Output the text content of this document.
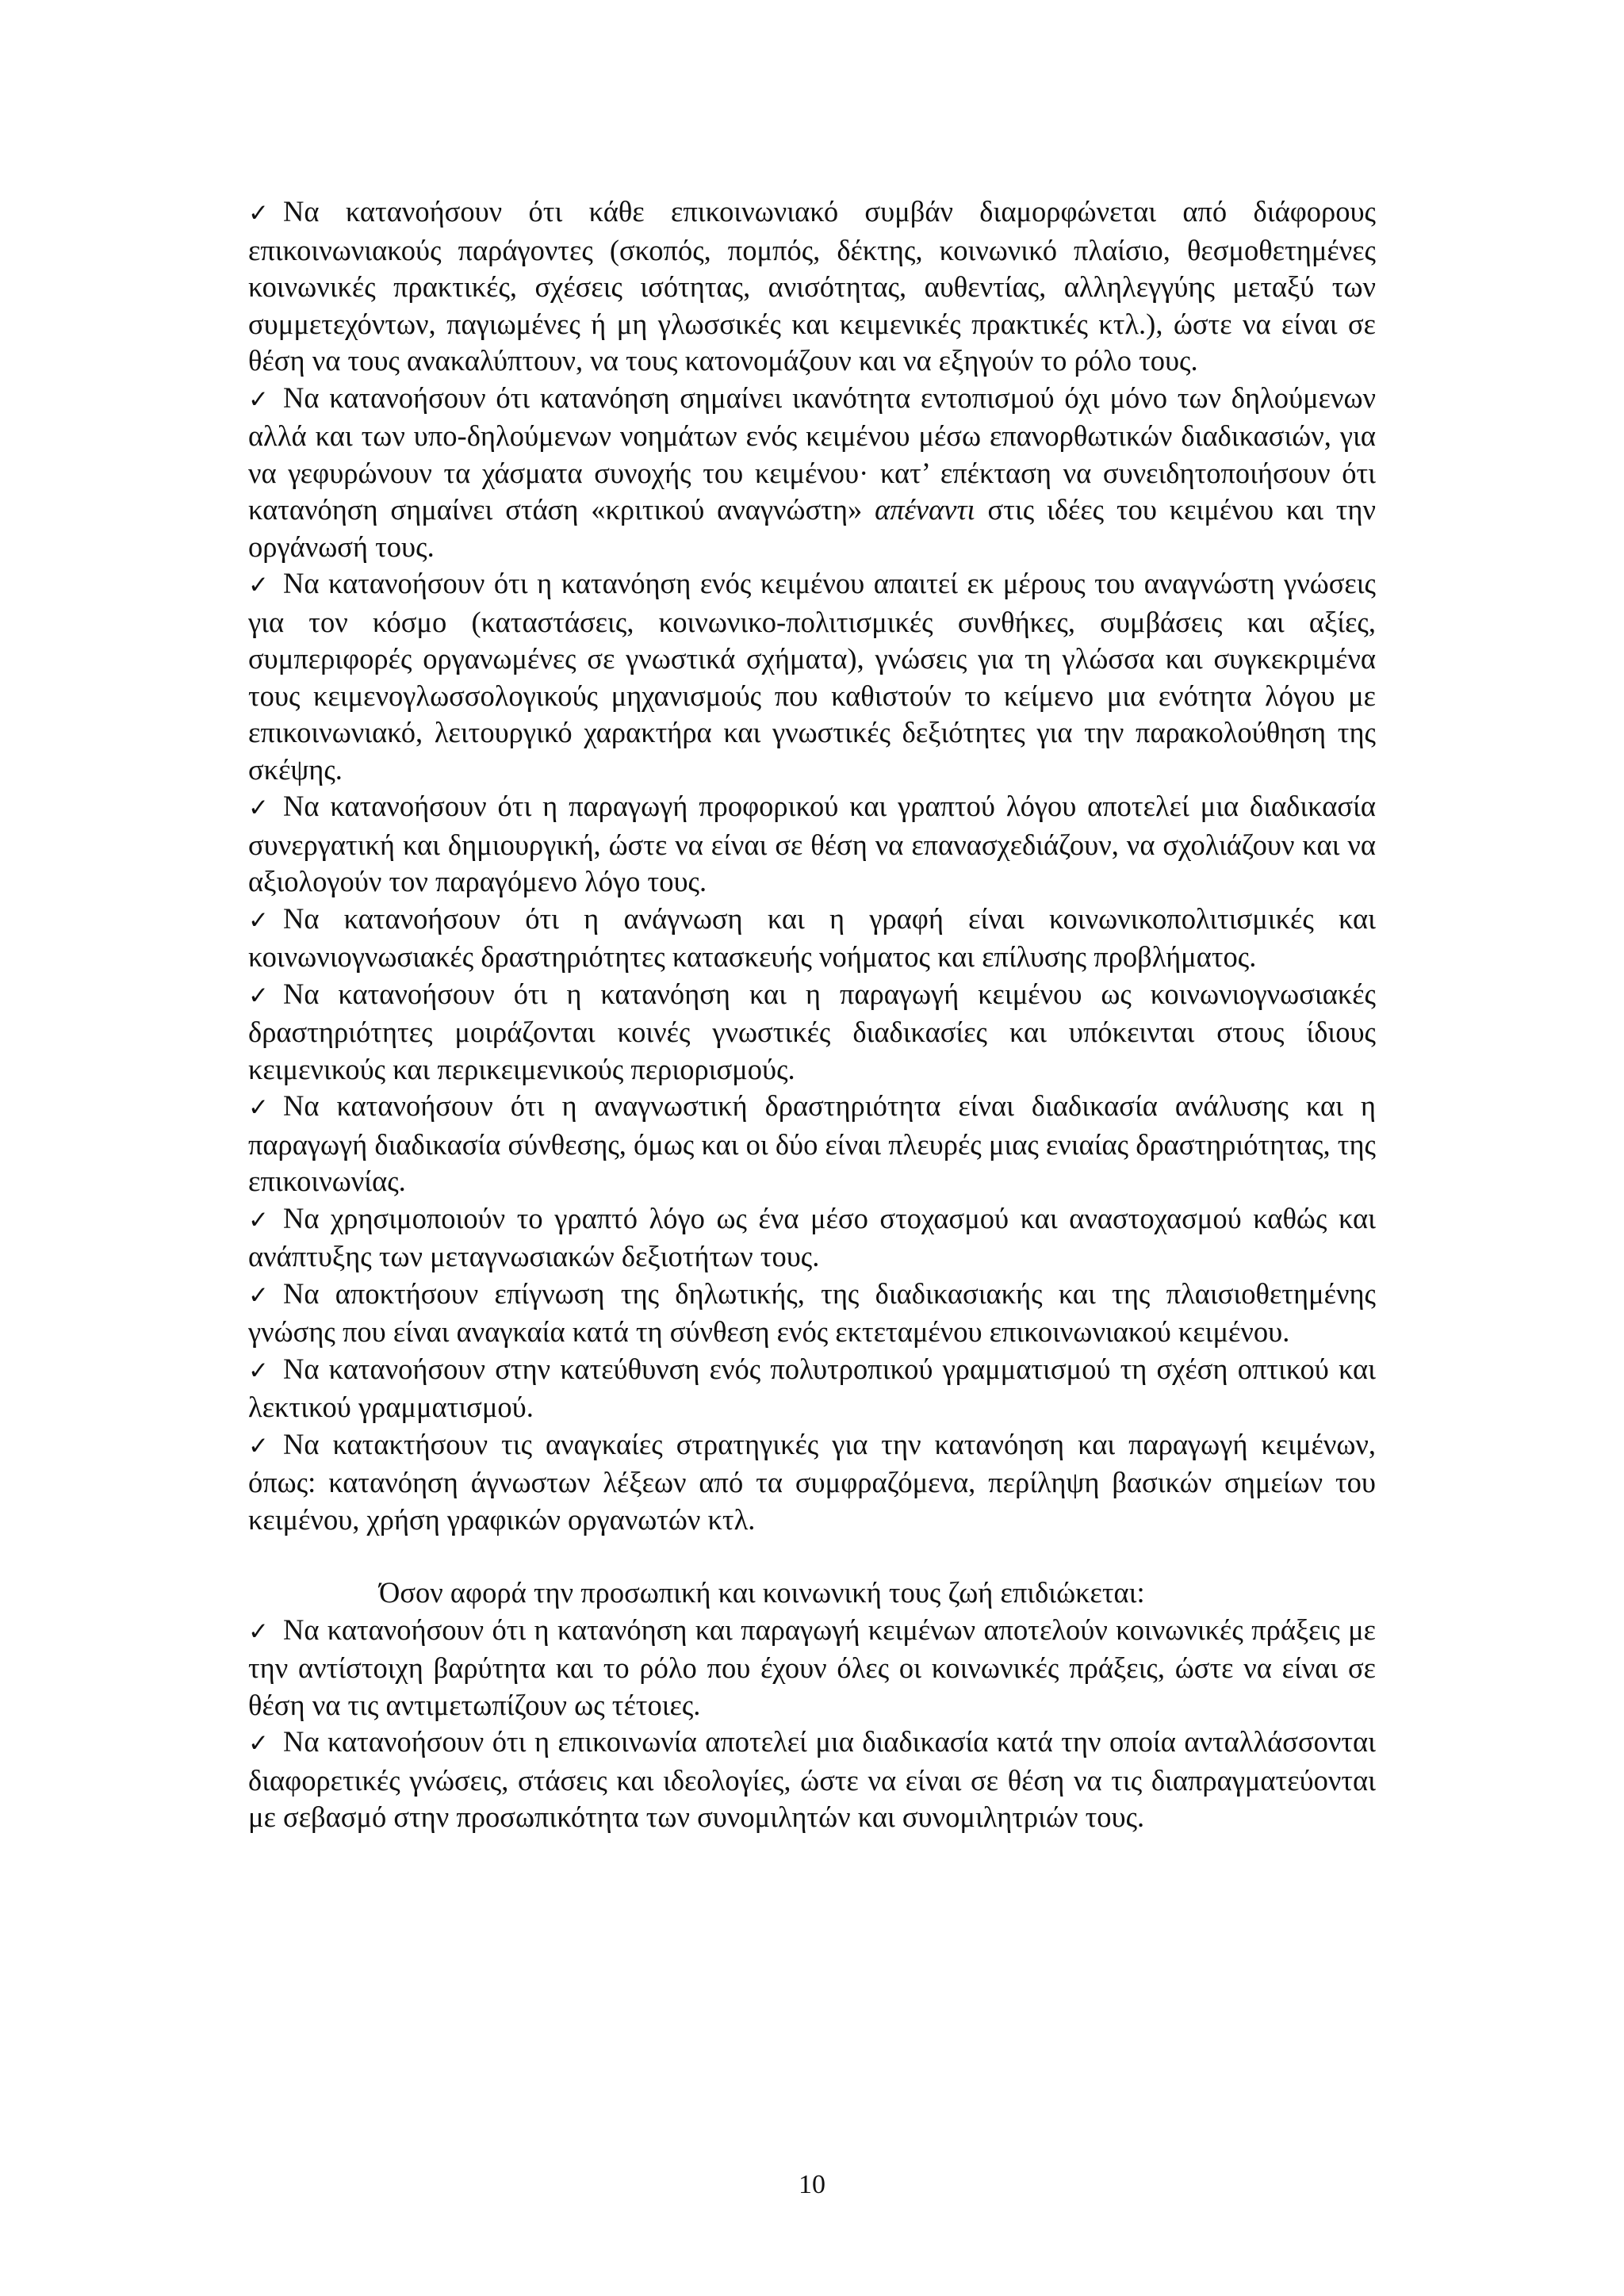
✓ Να κατανοήσουν ότι κάθε επικοινωνιακό συμβάν διαμορφώνεται από διάφορους επικοινωνιακούς παράγοντες (σκοπός, πομπός, δέκτης, κοινωνικό πλαίσιο, θεσμοθετημένες κοινωνικές πρακτικές, σχέσεις ισότητας, ανισότητας, αυθεντίας, αλληλεγγύης μεταξύ των συμμετεχόντων, παγιωμένες ή μη γλωσσικές και κειμενικές πρακτικές κτλ.), ώστε να είναι σε θέση να τους ανακαλύπτουν, να τους κατονομάζουν και να εξηγούν το ρόλο τους.

✓ Να κατανοήσουν ότι κατανόηση σημαίνει ικανότητα εντοπισμού όχι μόνο των δηλούμενων αλλά και των υπο-δηλούμενων νοημάτων ενός κειμένου μέσω επανορθωτικών διαδικασιών, για να γεφυρώνουν τα χάσματα συνοχής του κειμένου· κατ’ επέκταση να συνειδητοποιήσουν ότι κατανόηση σημαίνει στάση «κριτικού αναγνώστη» απέναντι στις ιδέες του κειμένου και την οργάνωσή τους.

✓ Να κατανοήσουν ότι η κατανόηση ενός κειμένου απαιτεί εκ μέρους του αναγνώστη γνώσεις για τον κόσμο (καταστάσεις, κοινωνικο-πολιτισμικές συνθήκες, συμβάσεις και αξίες, συμπεριφορές οργανωμένες σε γνωστικά σχήματα), γνώσεις για τη γλώσσα και συγκεκριμένα τους κειμενογλωσσολογικούς μηχανισμούς που καθιστούν το κείμενο μια ενότητα λόγου με επικοινωνιακό, λειτουργικό χαρακτήρα και γνωστικές δεξιότητες για την παρακολούθηση της σκέψης.

✓ Να κατανοήσουν ότι η παραγωγή προφορικού και γραπτού λόγου αποτελεί μια διαδικασία συνεργατική και δημιουργική, ώστε να είναι σε θέση να επανασχεδιάζουν, να σχολιάζουν και να αξιολογούν τον παραγόμενο λόγο τους.

✓ Να κατανοήσουν ότι η ανάγνωση και η γραφή είναι κοινωνικοπολιτισμικές και κοινωνιογνωσιακές δραστηριότητες κατασκευής νοήματος και επίλυσης προβλήματος.

✓ Να κατανοήσουν ότι η κατανόηση και η παραγωγή κειμένου ως κοινωνιογνωσιακές δραστηριότητες μοιράζονται κοινές γνωστικές διαδικασίες και υπόκεινται στους ίδιους κειμενικούς και περικειμενικούς περιορισμούς.

✓ Να κατανοήσουν ότι η αναγνωστική δραστηριότητα είναι διαδικασία ανάλυσης και η παραγωγή διαδικασία σύνθεσης, όμως και οι δύο είναι πλευρές μιας ενιαίας δραστηριότητας, της επικοινωνίας.

✓ Να χρησιμοποιούν το γραπτό λόγο ως ένα μέσο στοχασμού και αναστοχασμού καθώς και ανάπτυξης των μεταγνωσιακών δεξιοτήτων τους.

✓ Να αποκτήσουν επίγνωση της δηλωτικής, της διαδικασιακής και της πλαισιοθετημένης γνώσης που είναι αναγκαία κατά τη σύνθεση ενός εκτεταμένου επικοινωνιακού κειμένου.

✓ Να κατανοήσουν στην κατεύθυνση ενός πολυτροπικού γραμματισμού τη σχέση οπτικού και λεκτικού γραμματισμού.

✓ Να κατακτήσουν τις αναγκαίες στρατηγικές για την κατανόηση και παραγωγή κειμένων, όπως: κατανόηση άγνωστων λέξεων από τα συμφραζόμενα, περίληψη βασικών σημείων του κειμένου, χρήση γραφικών οργανωτών κτλ.

Όσον αφορά την προσωπική και κοινωνική τους ζωή επιδιώκεται:

✓ Να κατανοήσουν ότι η κατανόηση και παραγωγή κειμένων αποτελούν κοινωνικές πράξεις με την αντίστοιχη βαρύτητα και το ρόλο που έχουν όλες οι κοινωνικές πράξεις, ώστε να είναι σε θέση να τις αντιμετωπίζουν ως τέτοιες.

✓ Να κατανοήσουν ότι η επικοινωνία αποτελεί μια διαδικασία κατά την οποία ανταλλάσσονται διαφορετικές γνώσεις, στάσεις και ιδεολογίες, ώστε να είναι σε θέση να τις διαπραγματεύονται με σεβασμό στην προσωπικότητα των συνομιλητών και συνομιλητριών τους.

10
